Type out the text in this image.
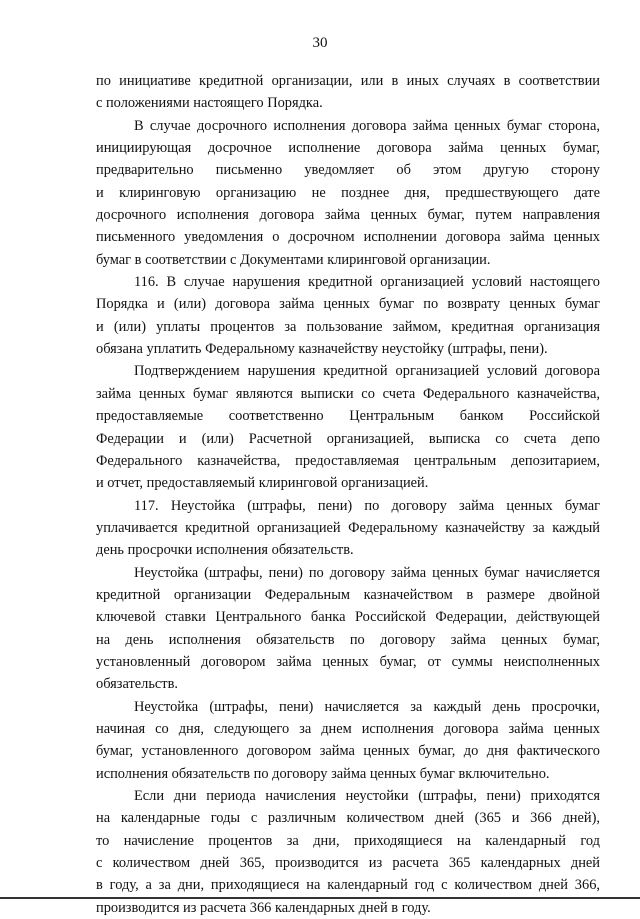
30

по инициативе кредитной организации, или в иных случаях в соответствии
с положениями настоящего Порядка.

В случае досрочного исполнения договора займа ценных бумаг сторона,
инициирующая досрочное исполнение договора займа ценных бумаг,
предварительно письменно уведомляет об этом другую сторону
и клиринговую организацию не позднее дня, предшествующего дате
досрочного исполнения договора займа ценных бумаг, путем направления
письменного уведомления о досрочном исполнении договора займа ценных
бумаг в соответствии с Документами клиринговой организации.

116. В случае нарушения кредитной организацией условий настоящего
Порядка и (или) договора займа ценных бумаг по возврату ценных бумаг
и (или) уплаты процентов за пользование займом, кредитная организация
обязана уплатить Федеральному казначейству неустойку (штрафы, пени).

Подтверждением нарушения кредитной организацией условий договора
займа ценных бумаг являются выписки со счета Федерального казначейства,
предоставляемые соответственно Центральным банком Российской
Федерации и (или) Расчетной организацией, выписка со счета депо
Федерального казначейства, предоставляемая центральным депозитарием,
и отчет, предоставляемый клиринговой организацией.

117. Неустойка (штрафы, пени) по договору займа ценных бумаг
уплачивается кредитной организацией Федеральному казначейству за каждый
день просрочки исполнения обязательств.

Неустойка (штрафы, пени) по договору займа ценных бумаг начисляется
кредитной организации Федеральным казначейством в размере двойной
ключевой ставки Центрального банка Российской Федерации, действующей
на день исполнения обязательств по договору займа ценных бумаг,
установленный договором займа ценных бумаг, от суммы неисполненных
обязательств.

Неустойка (штрафы, пени) начисляется за каждый день просрочки,
начиная со дня, следующего за днем исполнения договора займа ценных
бумаг, установленного договором займа ценных бумаг, до дня фактического
исполнения обязательств по договору займа ценных бумаг включительно.

Если дни периода начисления неустойки (штрафы, пени) приходятся
на календарные годы с различным количеством дней (365 и 366 дней),
то начисление процентов за дни, приходящиеся на календарный год
с количеством дней 365, производится из расчета 365 календарных дней
в году, а за дни, приходящиеся на календарный год с количеством дней 366,
производится из расчета 366 календарных дней в году.
